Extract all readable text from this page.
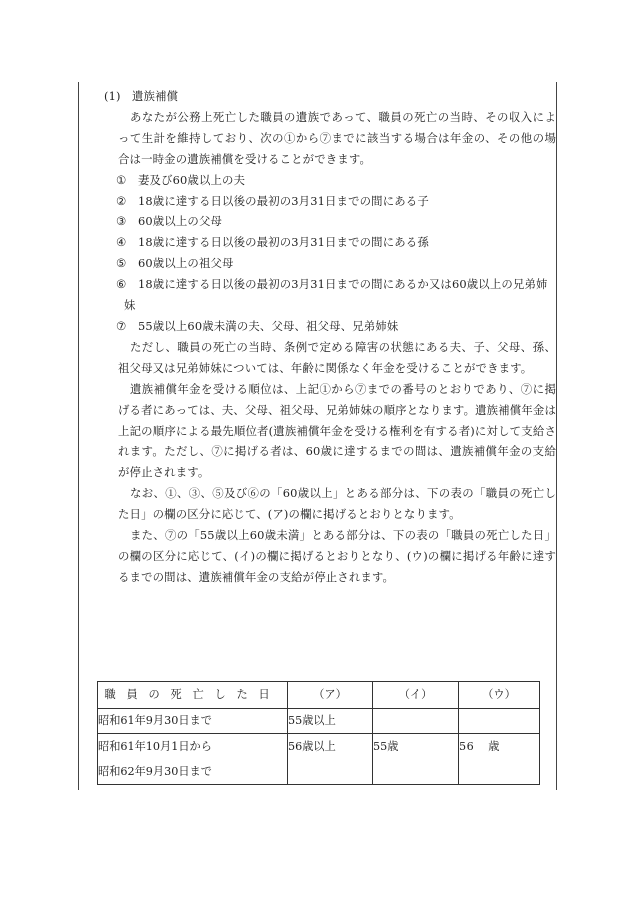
(1) 遺族補償
あなたが公務上死亡した職員の遺族であって、職員の死亡の当時、その収入によって生計を維持しており、次の①から⑦までに該当する場合は年金の、その他の場合は一時金の遺族補償を受けることができます。
① 妻及び60歳以上の夫
② 18歳に達する日以後の最初の3月31日までの間にある子
③ 60歳以上の父母
④ 18歳に達する日以後の最初の3月31日までの間にある孫
⑤ 60歳以上の祖父母
⑥ 18歳に達する日以後の最初の3月31日までの間にあるか又は60歳以上の兄弟姉
妹
⑦ 55歳以上60歳未満の夫、父母、祖父母、兄弟姉妹
ただし、職員の死亡の当時、条例で定める障害の状態にある夫、子、父母、孫、祖父母又は兄弟姉妹については、年齢に関係なく年金を受けることができます。
遺族補償年金を受ける順位は、上記①から⑦までの番号のとおりであり、⑦に掲げる者にあっては、夫、父母、祖父母、兄弟姉妹の順序となります。遺族補償年金は上記の順序による最先順位者(遺族補償年金を受ける権利を有する者)に対して支給されます。ただし、⑦に掲げる者は、60歳に達するまでの間は、遺族補償年金の支給が停止されます。
なお、①、③、⑤及び⑥の「60歳以上」とある部分は、下の表の「職員の死亡した日」の欄の区分に応じて、(ア)の欄に掲げるとおりとなります。
また、⑦の「55歳以上60歳未満」とある部分は、下の表の「職員の死亡した日」の欄の区分に応じて、(イ)の欄に掲げるとおりとなり、(ウ)の欄に掲げる年齢に達するまでの間は、遺族補償年金の支給が停止されます。
職員の死亡した日	（ア）	（イ）	（ウ）
昭和61年9月30日まで	55歳以上		

昭和61年10月1日から
昭和62年9月30日まで	56歳以上	55歳	56 歳
